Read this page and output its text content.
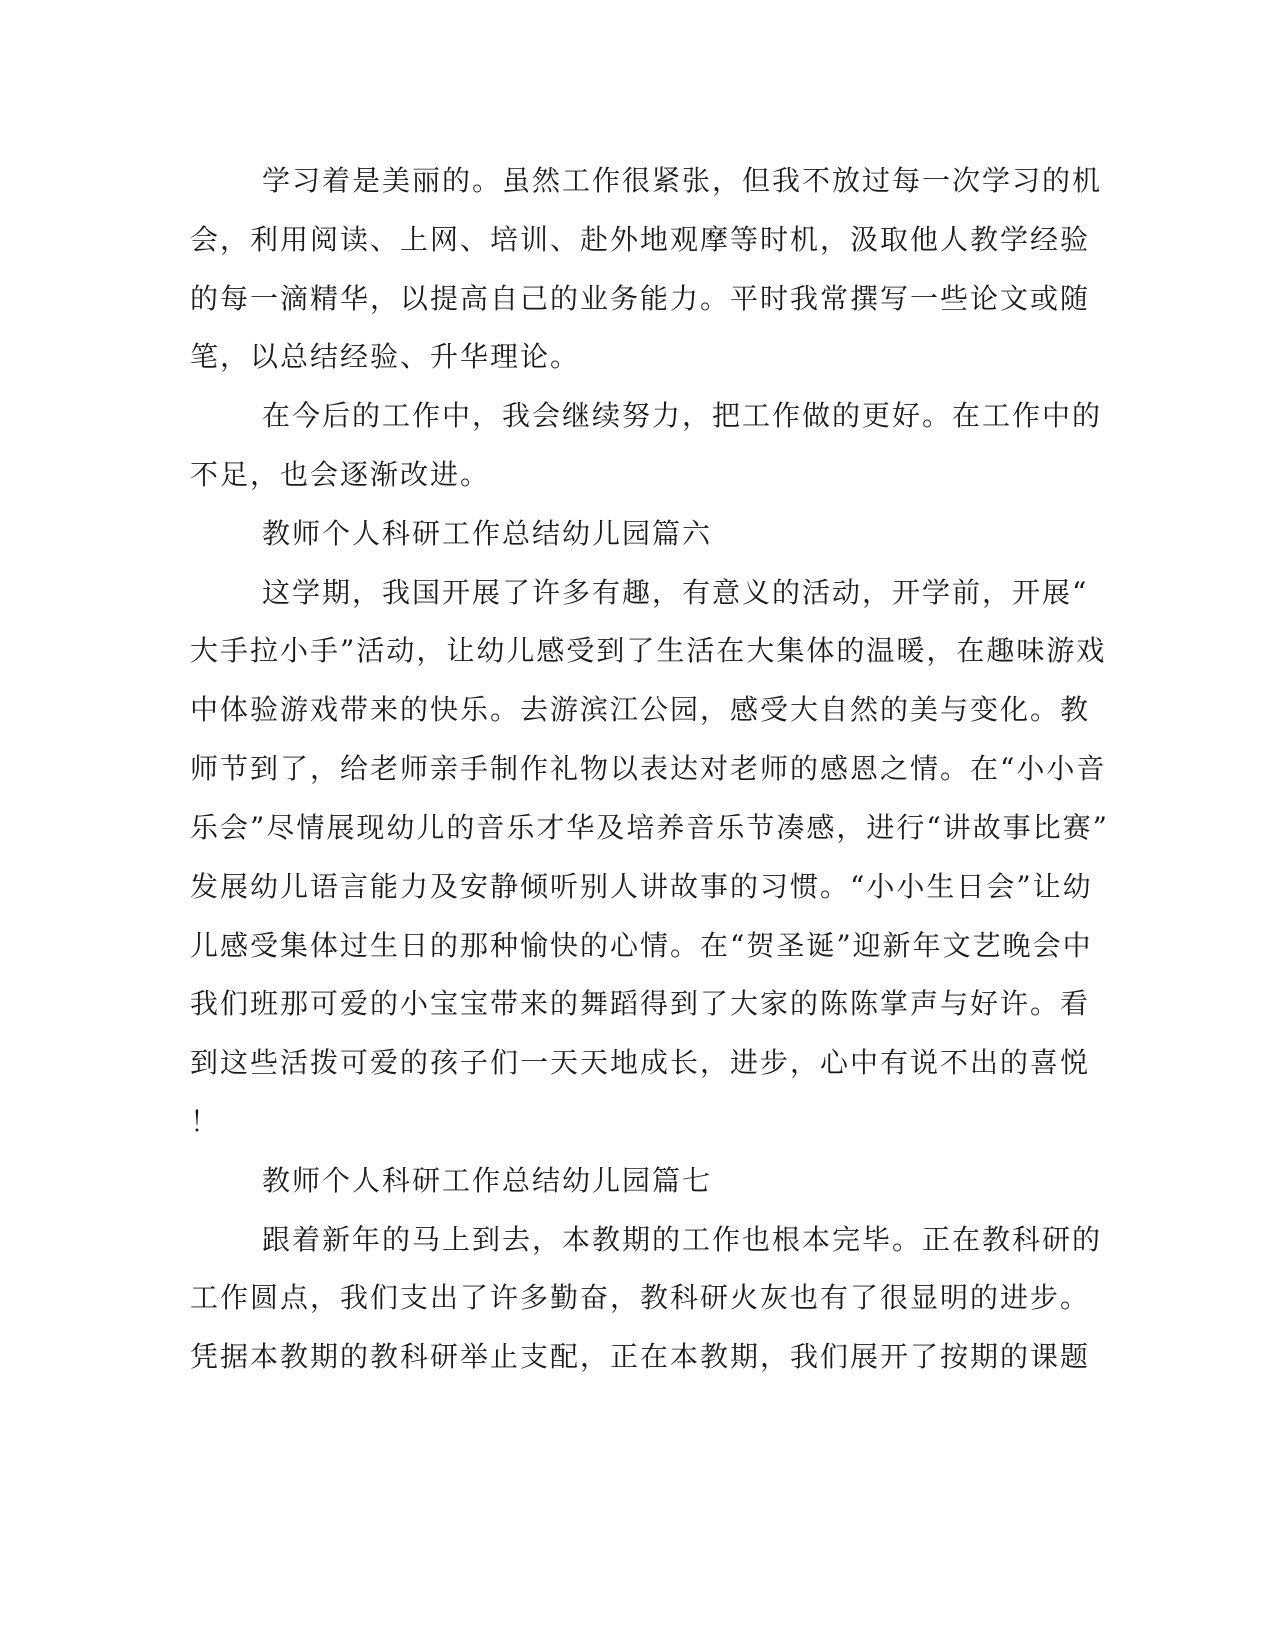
学习着是美丽的。虽然工作很紧张，但我不放过每一次学习的机
会，利用阅读、上网、培训、赴外地观摩等时机，汲取他人教学经验
的每一滴精华，以提高自己的业务能力。平时我常撰写一些论文或随
笔，以总结经验、升华理论。
在今后的工作中，我会继续努力，把工作做的更好。在工作中的
不足，也会逐渐改进。
教师个人科研工作总结幼儿园篇六
这学期，我国开展了许多有趣，有意义的活动，开学前，开展“
大手拉小手”活动，让幼儿感受到了生活在大集体的温暖，在趣味游戏
中体验游戏带来的快乐。去游滨江公园，感受大自然的美与变化。教
师节到了，给老师亲手制作礼物以表达对老师的感恩之情。在“小小音
乐会”尽情展现幼儿的音乐才华及培养音乐节凑感，进行“讲故事比赛”
发展幼儿语言能力及安静倾听别人讲故事的习惯。“小小生日会”让幼
儿感受集体过生日的那种愉快的心情。在“贺圣诞”迎新年文艺晚会中
我们班那可爱的小宝宝带来的舞蹈得到了大家的陈陈掌声与好许。看
到这些活拨可爱的孩子们一天天地成长，进步，心中有说不出的喜悦
！
教师个人科研工作总结幼儿园篇七
跟着新年的马上到去，本教期的工作也根本完毕。正在教科研的
工作圆点，我们支出了许多勤奋，教科研火灰也有了很显明的进步。
凭据本教期的教科研举止支配，正在本教期，我们展开了按期的课题
